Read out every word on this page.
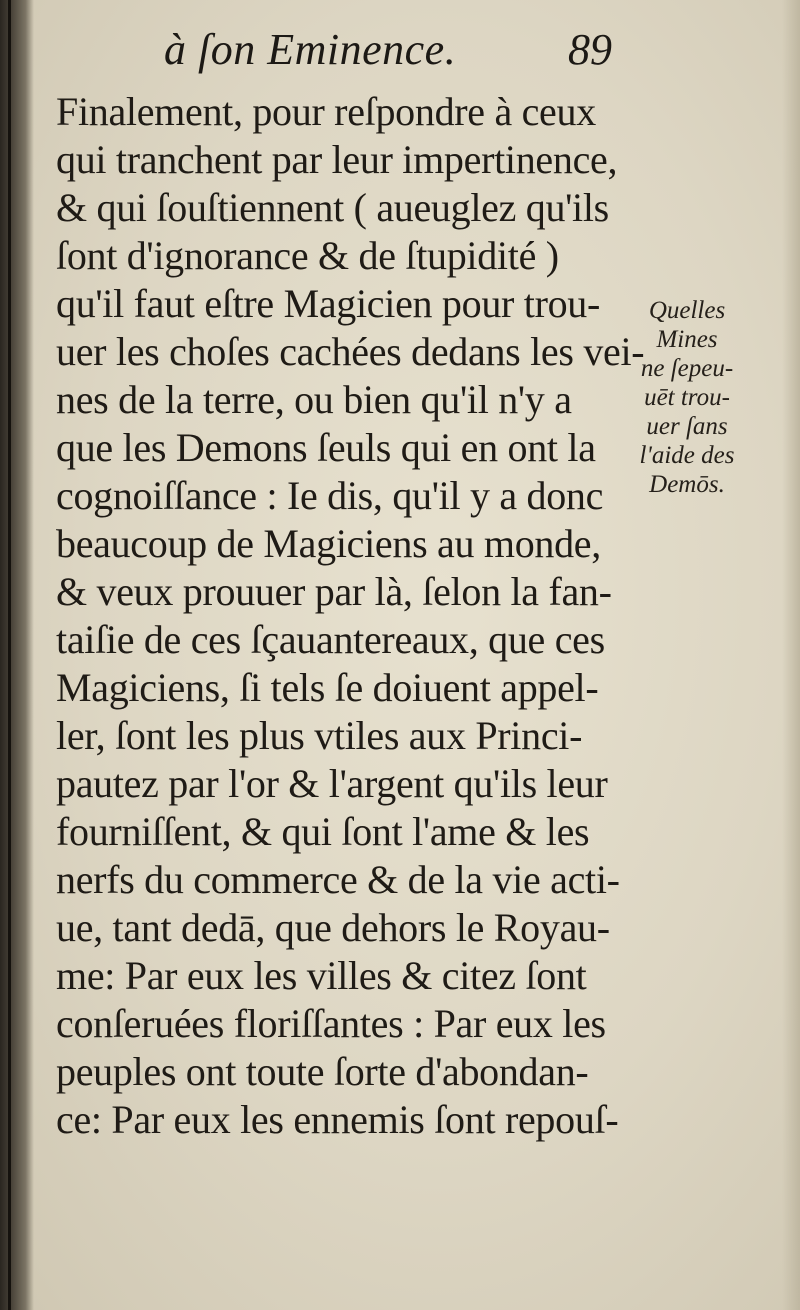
à ſon Eminence.	89
Finalement, pour reſpondre à ceux
qui tranchent par leur impertinence,
& qui ſouſtiennent ( aueuglez qu'ils
ſont d'ignorance & de ſtupidité )
qu'il faut eſtre Magicien pour trou-
uer les choſes cachées dedans les vei-
nes de la terre, ou bien qu'il n'y a
que les Demons ſeuls qui en ont la
cognoiſſance : Ie dis, qu'il y a donc
beaucoup de Magiciens au monde,
& veux prouuer par là, ſelon la fan-
taiſie de ces ſçauantereaux, que ces
Magiciens, ſi tels ſe doiuent appel-
ler, ſont les plus vtiles aux Princi-
pautez par l'or & l'argent qu'ils leur
fourniſſent, & qui ſont l'ame & les
nerfs du commerce & de la vie acti-
ue, tant dedā, que dehors le Royau-
me: Par eux les villes & citez ſont
conſeruées floriſſantes : Par eux les
peuples ont toute ſorte d'abondan-
ce: Par eux les ennemis ſont repouſ-
Quelles
Mines
ne ſepeu-
uēt trou-
uer ſans
l'aide des
Demōs.
